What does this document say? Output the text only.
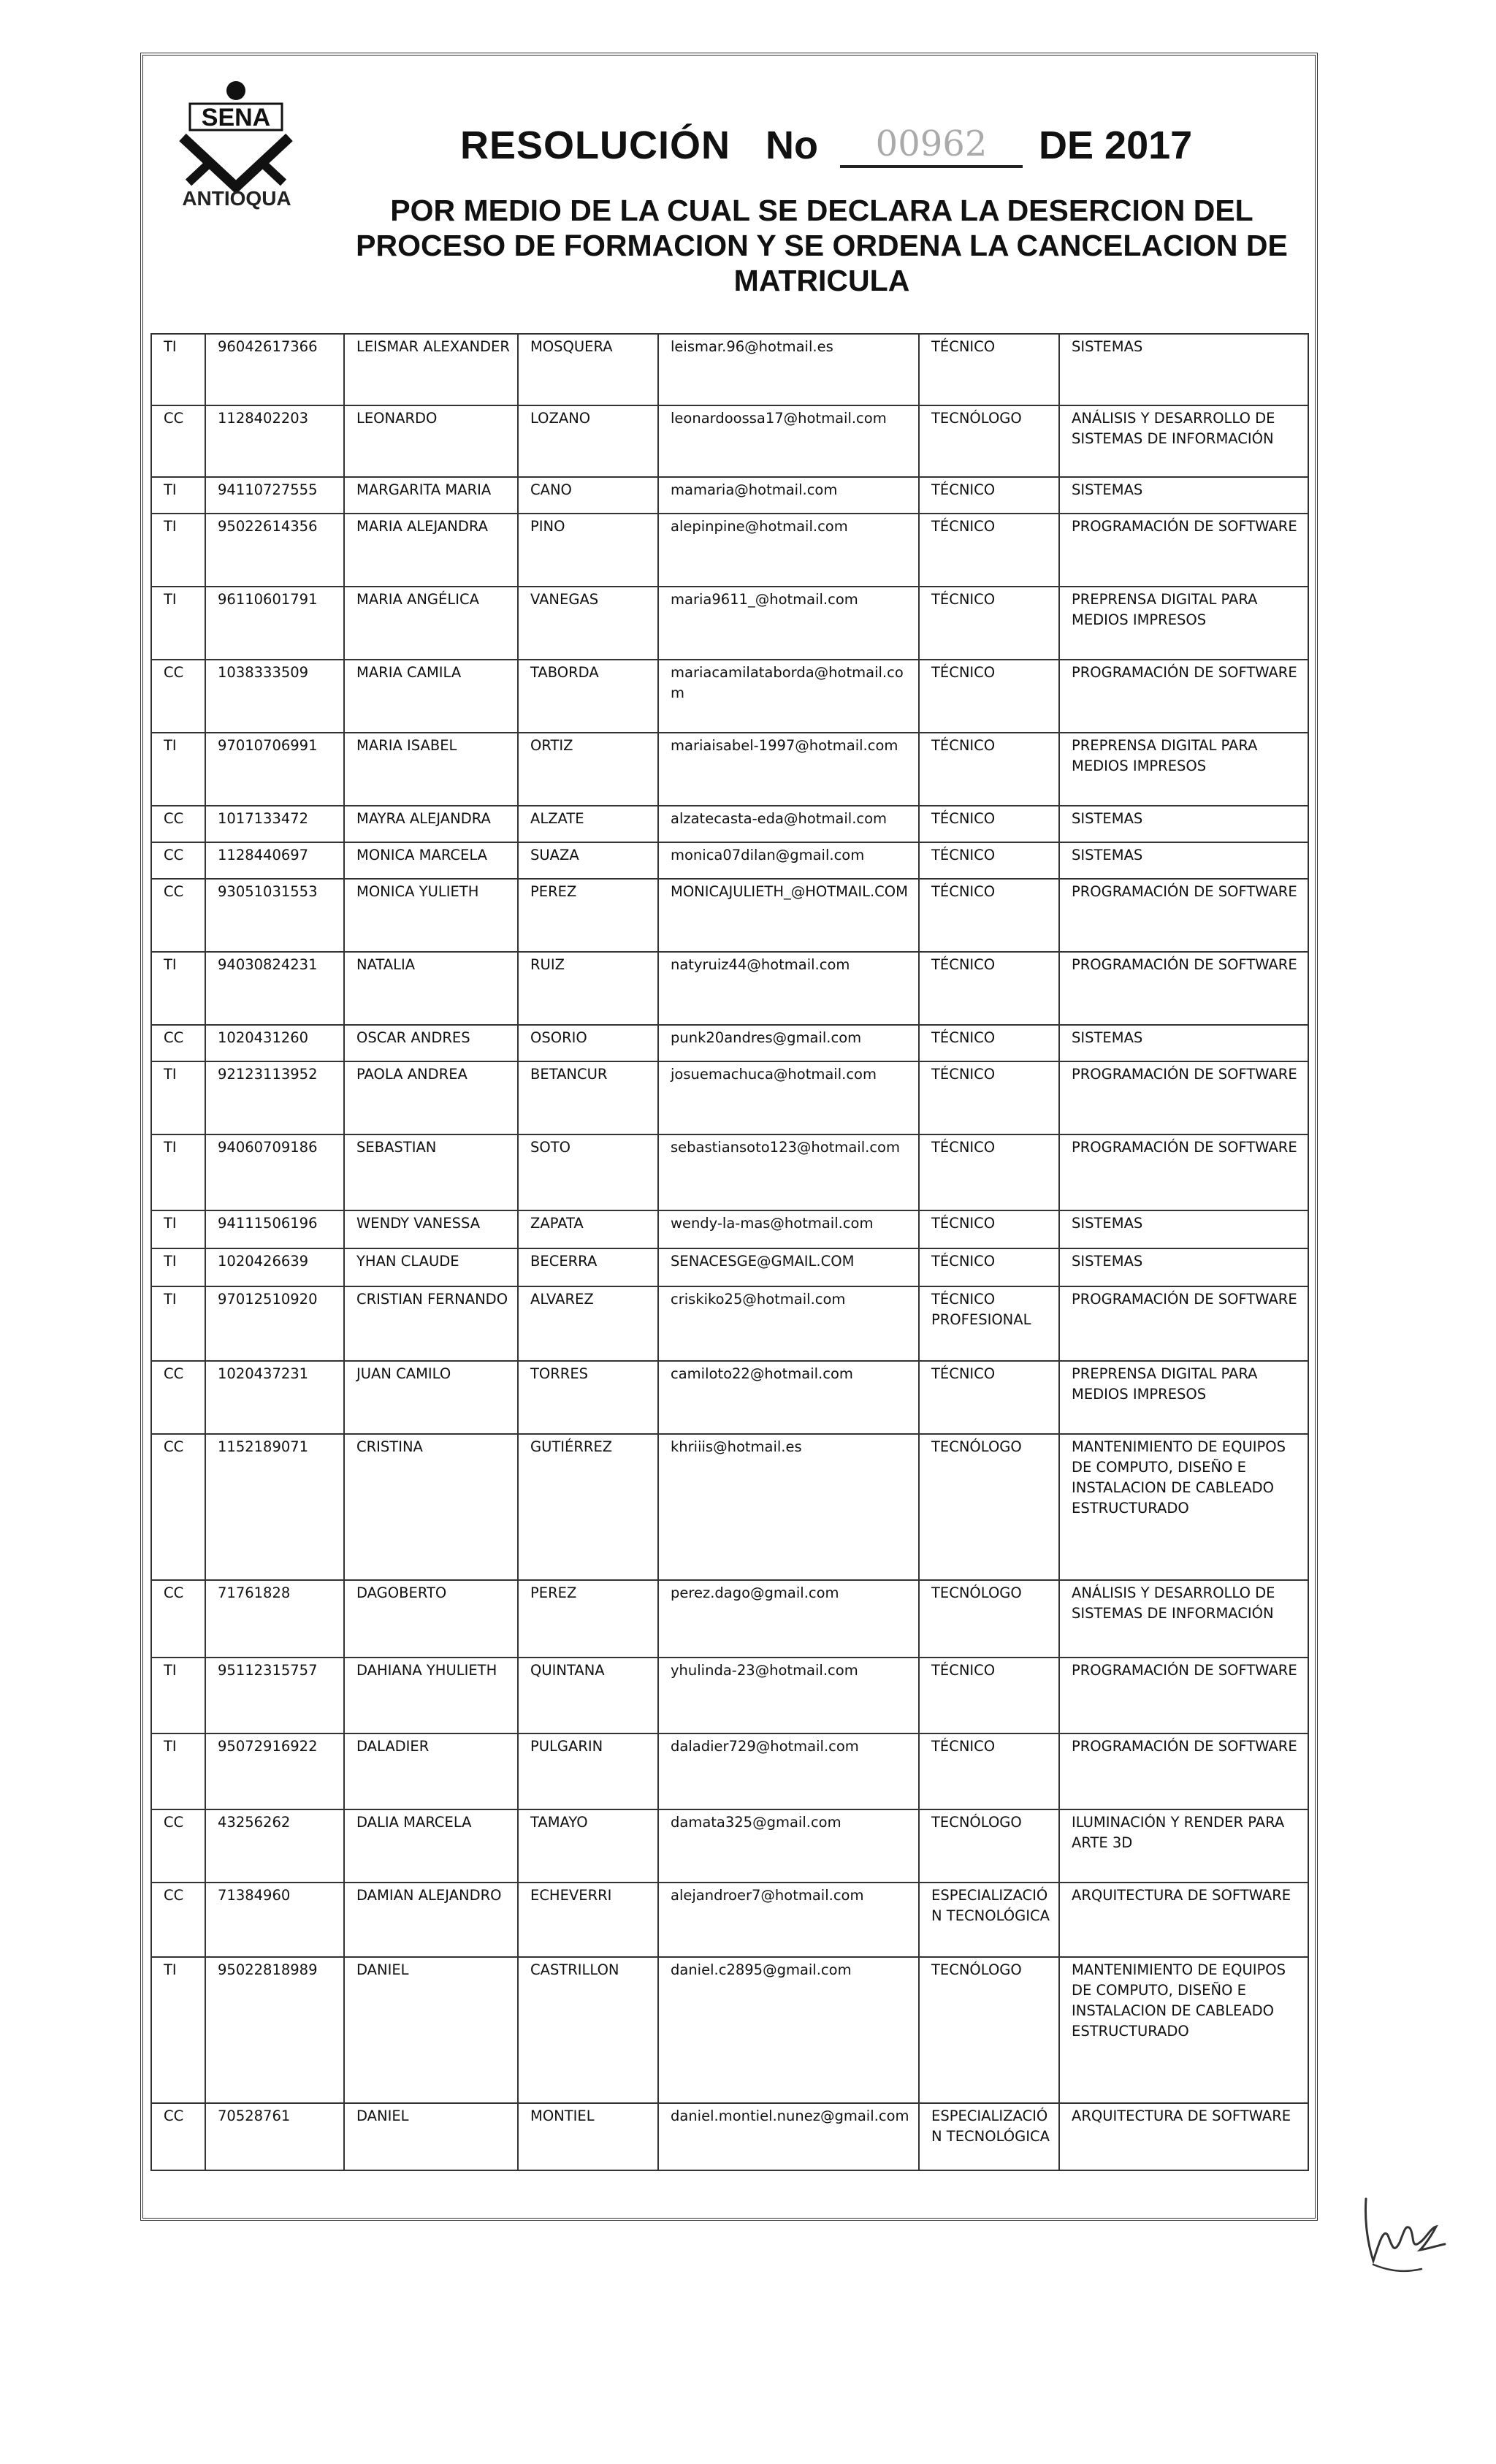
SENA
ANTIOQUA
RESOLUCIÓN No	00962	DE 2017
POR MEDIO DE LA CUAL SE DECLARA LA DESERCION DEL
PROCESO DE FORMACION Y SE ORDENA LA CANCELACION DE
MATRICULA
TI	96042617366	LEISMAR ALEXANDER	MOSQUERA	leismar.96@hotmail.es	TÉCNICO	SISTEMAS
CC	1128402203	LEONARDO	LOZANO	leonardoossa17@hotmail.com	TECNÓLOGO	ANÁLISIS Y DESARROLLO DE SISTEMAS DE INFORMACIÓN
TI	94110727555	MARGARITA MARIA	CANO	mamaria@hotmail.com	TÉCNICO	SISTEMAS
TI	95022614356	MARIA ALEJANDRA	PINO	alepinpine@hotmail.com	TÉCNICO	PROGRAMACIÓN DE SOFTWARE
TI	96110601791	MARIA ANGÉLICA	VANEGAS	maria9611_@hotmail.com	TÉCNICO	PREPRENSA DIGITAL PARA MEDIOS IMPRESOS
CC	1038333509	MARIA CAMILA	TABORDA	mariacamilataborda@hotmail.com	TÉCNICO	PROGRAMACIÓN DE SOFTWARE
TI	97010706991	MARIA ISABEL	ORTIZ	mariaisabel-1997@hotmail.com	TÉCNICO	PREPRENSA DIGITAL PARA MEDIOS IMPRESOS
CC	1017133472	MAYRA ALEJANDRA	ALZATE	alzatecasta-eda@hotmail.com	TÉCNICO	SISTEMAS
CC	1128440697	MONICA MARCELA	SUAZA	monica07dilan@gmail.com	TÉCNICO	SISTEMAS
CC	93051031553	MONICA YULIETH	PEREZ	MONICAJULIETH_@HOTMAIL.COM	TÉCNICO	PROGRAMACIÓN DE SOFTWARE
TI	94030824231	NATALIA	RUIZ	natyruiz44@hotmail.com	TÉCNICO	PROGRAMACIÓN DE SOFTWARE
CC	1020431260	OSCAR ANDRES	OSORIO	punk20andres@gmail.com	TÉCNICO	SISTEMAS
TI	92123113952	PAOLA ANDREA	BETANCUR	josuemachuca@hotmail.com	TÉCNICO	PROGRAMACIÓN DE SOFTWARE
TI	94060709186	SEBASTIAN	SOTO	sebastiansoto123@hotmail.com	TÉCNICO	PROGRAMACIÓN DE SOFTWARE
TI	94111506196	WENDY VANESSA	ZAPATA	wendy-la-mas@hotmail.com	TÉCNICO	SISTEMAS
TI	1020426639	YHAN CLAUDE	BECERRA	SENACESGE@GMAIL.COM	TÉCNICO	SISTEMAS
TI	97012510920	CRISTIAN FERNANDO	ALVAREZ	criskiko25@hotmail.com	TÉCNICO PROFESIONAL	PROGRAMACIÓN DE SOFTWARE
CC	1020437231	JUAN CAMILO	TORRES	camiloto22@hotmail.com	TÉCNICO	PREPRENSA DIGITAL PARA MEDIOS IMPRESOS
CC	1152189071	CRISTINA	GUTIÉRREZ	khriiis@hotmail.es	TECNÓLOGO	MANTENIMIENTO DE EQUIPOS DE COMPUTO, DISEÑO E INSTALACION DE CABLEADO ESTRUCTURADO
CC	71761828	DAGOBERTO	PEREZ	perez.dago@gmail.com	TECNÓLOGO	ANÁLISIS Y DESARROLLO DE SISTEMAS DE INFORMACIÓN
TI	95112315757	DAHIANA YHULIETH	QUINTANA	yhulinda-23@hotmail.com	TÉCNICO	PROGRAMACIÓN DE SOFTWARE
TI	95072916922	DALADIER	PULGARIN	daladier729@hotmail.com	TÉCNICO	PROGRAMACIÓN DE SOFTWARE
CC	43256262	DALIA MARCELA	TAMAYO	damata325@gmail.com	TECNÓLOGO	ILUMINACIÓN Y RENDER PARA ARTE 3D
CC	71384960	DAMIAN ALEJANDRO	ECHEVERRI	alejandroer7@hotmail.com	ESPECIALIZACIÓN TECNOLÓGICA	ARQUITECTURA DE SOFTWARE
TI	95022818989	DANIEL	CASTRILLON	daniel.c2895@gmail.com	TECNÓLOGO	MANTENIMIENTO DE EQUIPOS DE COMPUTO, DISEÑO E INSTALACION DE CABLEADO ESTRUCTURADO
CC	70528761	DANIEL	MONTIEL	daniel.montiel.nunez@gmail.com	ESPECIALIZACIÓN TECNOLÓGICA	ARQUITECTURA DE SOFTWARE
